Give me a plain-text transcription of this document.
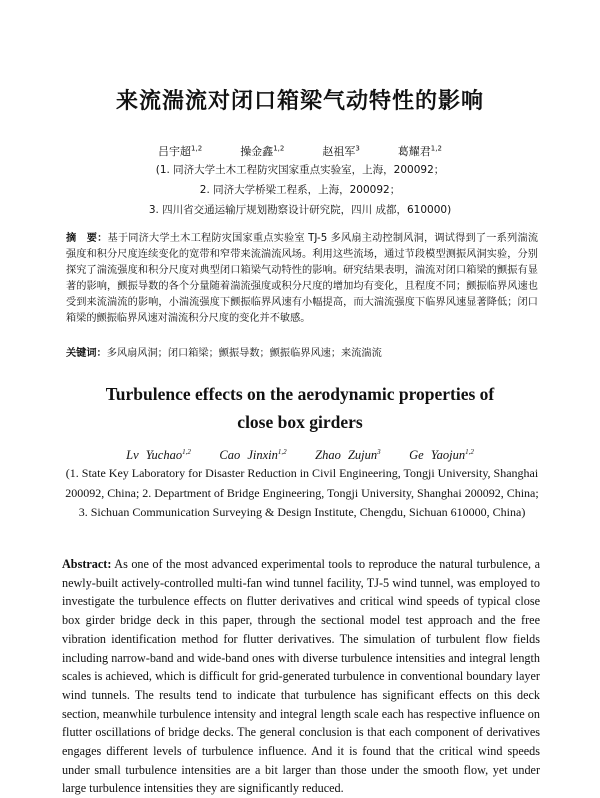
来流湍流对闭口箱梁气动特性的影响
吕宇超$^{1,2}$	操金鑫$^{1,2}$	赵祖军$^3$	葛耀君$^{1,2}$
(1. 同济大学土木工程防灾国家重点实验室，上海，200092；
2. 同济大学桥梁工程系，上海，200092；
3. 四川省交通运输厅规划勘察设计研究院，四川 成都，610000)
摘　要：基于同济大学土木工程防灾国家重点实验室 TJ-5 多风扇主动控制风洞，调试得到了一系列湍流强度和积分尺度连续变化的宽带和窄带来流湍流风场。利用这些流场，通过节段模型测振风洞实验，分别探究了湍流强度和积分尺度对典型闭口箱梁气动特性的影响。研究结果表明，湍流对闭口箱梁的颤振有显著的影响，颤振导数的各个分量随着湍流强度或积分尺度的增加均有变化，且程度不同；颤振临界风速也受到来流湍流的影响，小湍流强度下颤振临界风速有小幅提高，而大湍流强度下临界风速显著降低；闭口箱梁的颤振临界风速对湍流积分尺度的变化并不敏感。
关键词：多风扇风洞；闭口箱梁；颤振导数；颤振临界风速；来流湍流
Turbulence effects on the aerodynamic properties of
close box girders
Lv Yuchao$^{1,2}$ Cao Jinxin$^{1,2}$ Zhao Zujun$^3$ Ge Yaojun$^{1,2}$
(1. State Key Laboratory for Disaster Reduction in Civil Engineering, Tongji University, Shanghai 200092, China; 2. Department of Bridge Engineering, Tongji University, Shanghai 200092, China; 3. Sichuan Communication Surveying & Design Institute, Chengdu, Sichuan 610000, China)
Abstract: As one of the most advanced experimental tools to reproduce the natural turbulence, a newly-built actively-controlled multi-fan wind tunnel facility, TJ-5 wind tunnel, was employed to investigate the turbulence effects on flutter derivatives and critical wind speeds of typical close box girder bridge deck in this paper, through the sectional model test approach and the free vibration identification method for flutter derivatives. The simulation of turbulent flow fields including narrow-band and wide-band ones with diverse turbulence intensities and integral length scales is achieved, which is difficult for grid-generated turbulence in conventional boundary layer wind tunnels. The results tend to indicate that turbulence has significant effects on this deck section, meanwhile turbulence intensity and integral length scale each has respective influence on flutter oscillations of bridge decks. The general conclusion is that each component of derivatives engages different levels of turbulence influence. And it is found that the critical wind speeds under small turbulence intensities are a bit larger than those under the smooth flow, yet under large turbulence intensities they are significantly reduced.
